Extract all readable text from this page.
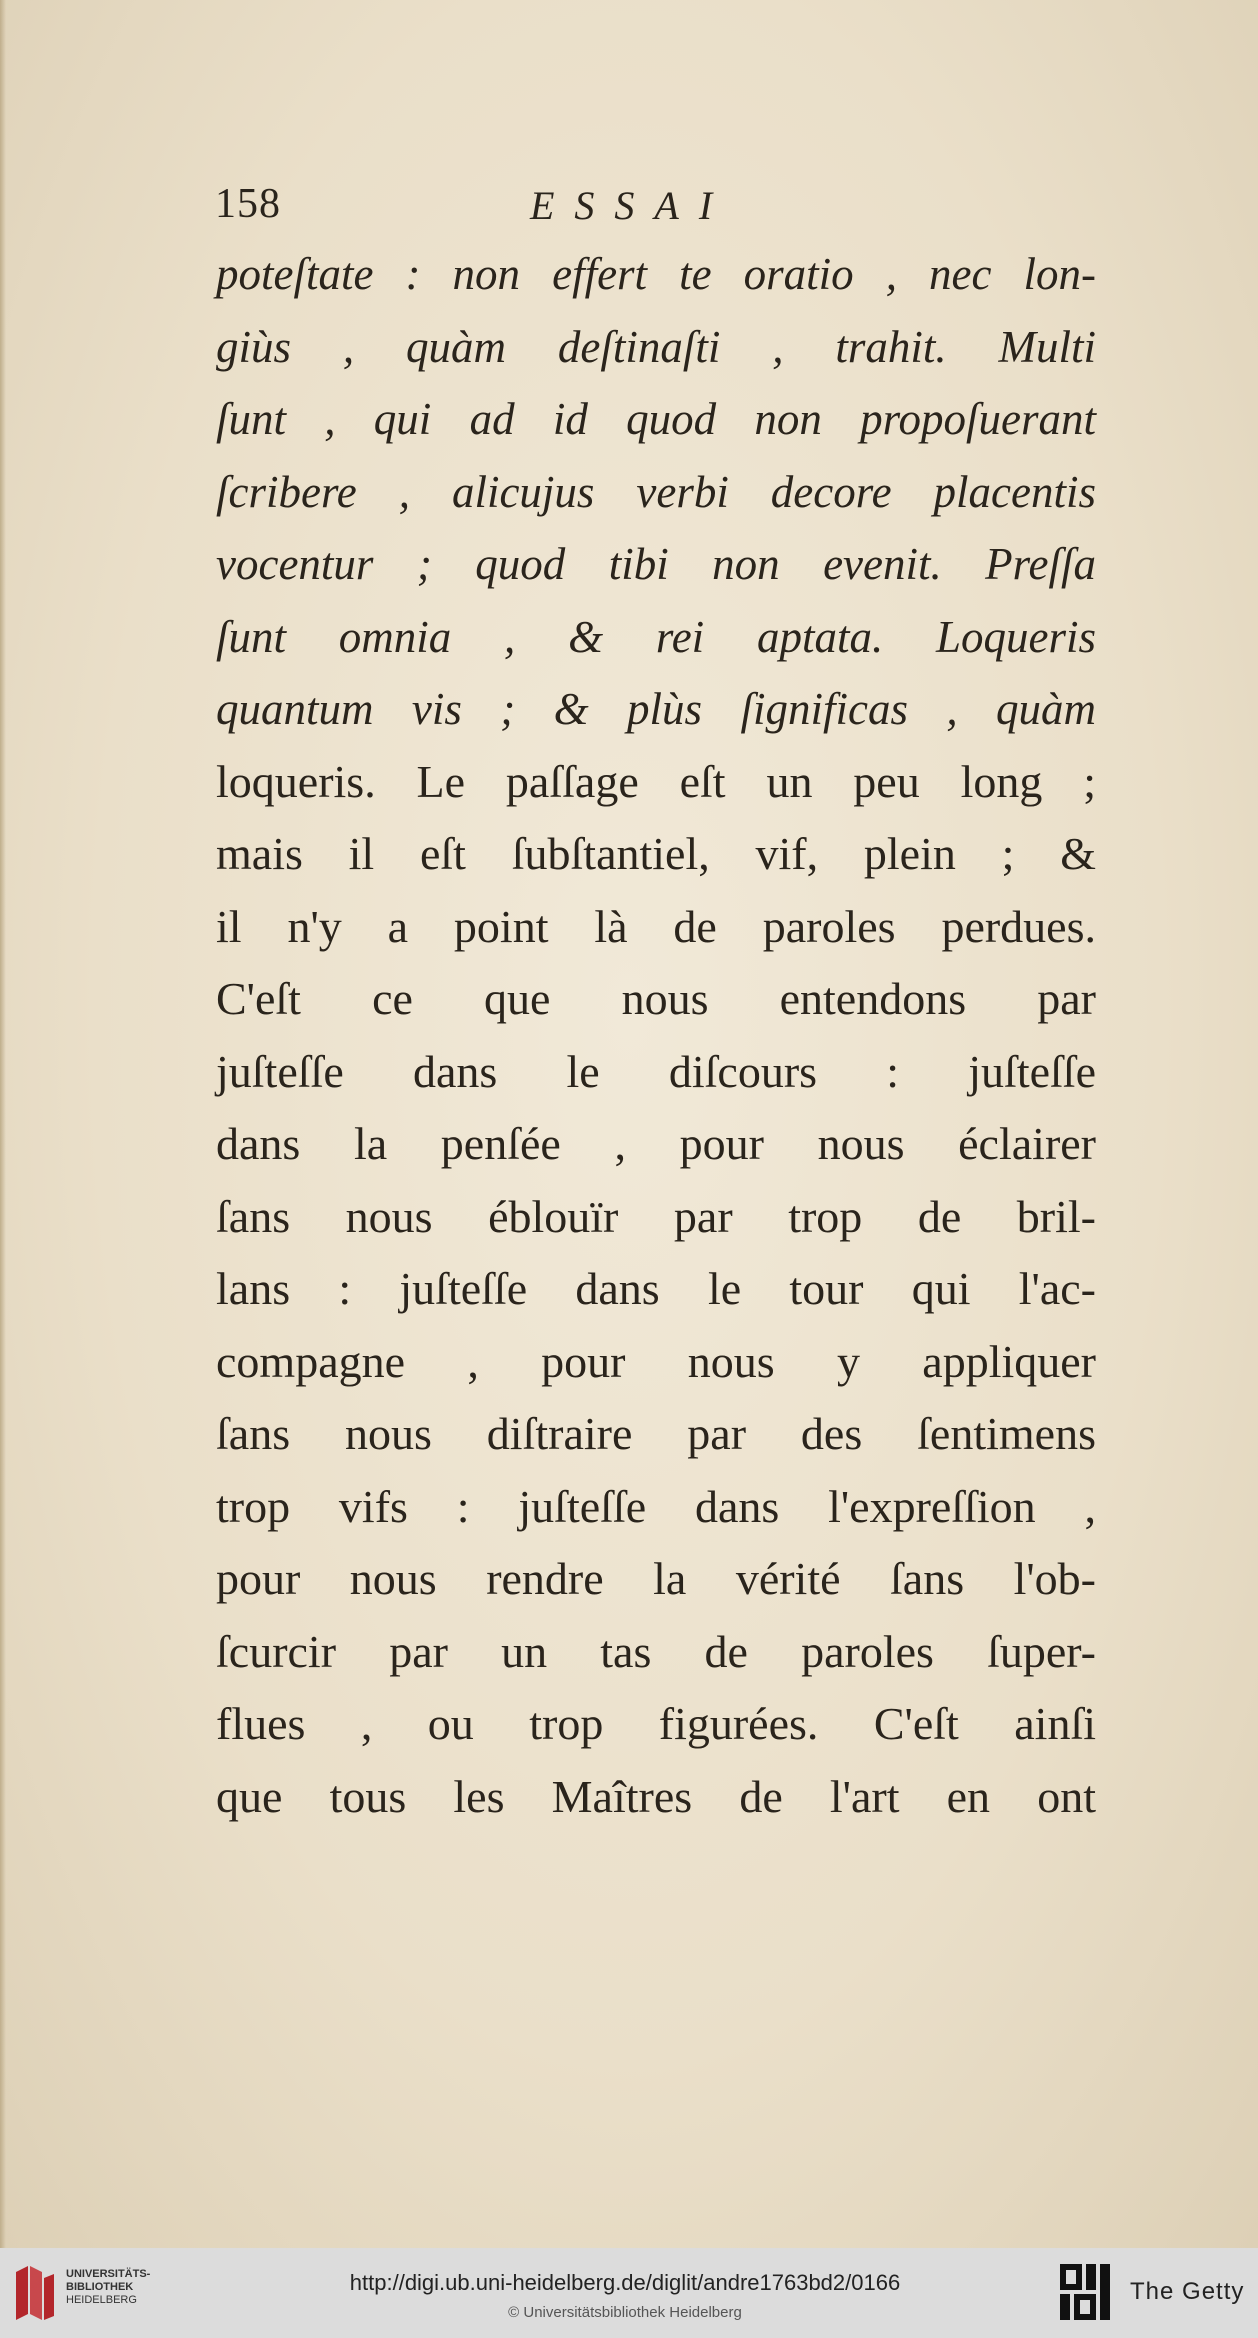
158	ESSAI
poteſtate : non effert te oratio , nec lon-
giùs , quàm deſtinaſti , trahit. Multi
ſunt , qui ad id quod non propoſuerant
ſcribere , alicujus verbi decore placentis
vocentur ; quod tibi non evenit. Preſſa
ſunt omnia , & rei aptata. Loqueris
quantum vis ; & plùs ſignificas , quàm
loqueris. Le paſſage eſt un peu long ;
mais il eſt ſubſtantiel, vif, plein ; &
il n'y a point là de paroles perdues.
C'eſt ce que nous entendons par
juſteſſe dans le diſcours : juſteſſe
dans la penſée , pour nous éclairer
ſans nous éblouïr par trop de bril-
lans : juſteſſe dans le tour qui l'ac-
compagne , pour nous y appliquer
ſans nous diſtraire par des ſentimens
trop vifs : juſteſſe dans l'expreſſion ,
pour nous rendre la vérité ſans l'ob-
ſcurcir par un tas de paroles ſuper-
flues , ou trop figurées. C'eſt ainſi
que tous les Maîtres de l'art en ont
UNIVERSITÄTS-
BIBLIOTHEK
HEIDELBERG
http://digi.ub.uni-heidelberg.de/diglit/andre1763bd2/0166
© Universitätsbibliothek Heidelberg
The Getty
